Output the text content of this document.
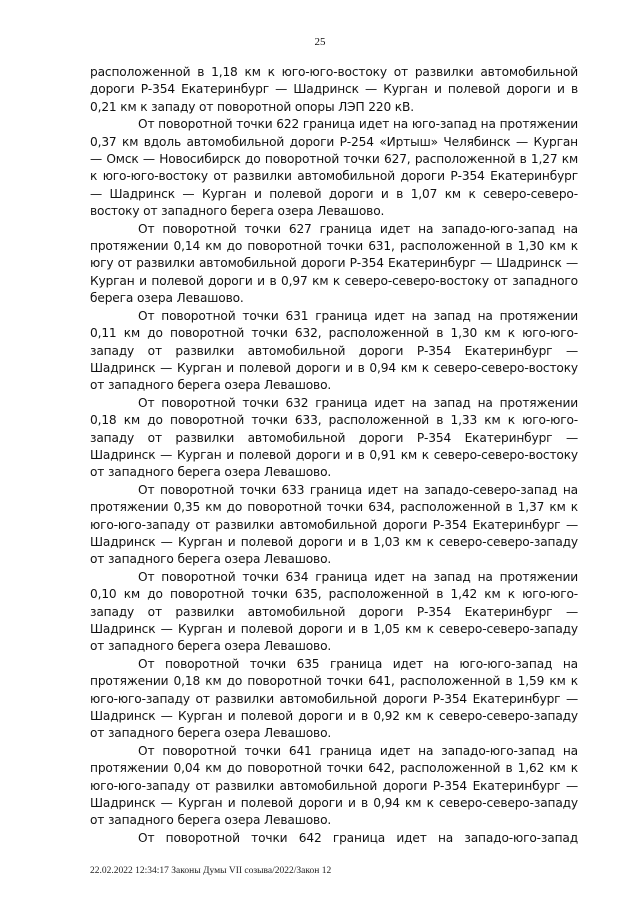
25

расположенной в 1,18 км к юго-юго-востоку от развилки автомобильной дороги Р-354 Екатеринбург — Шадринск — Курган и полевой дороги и в 0,21 км к западу от поворотной опоры ЛЭП 220 кВ.

От поворотной точки 622 граница идет на юго-запад на протяжении 0,37 км вдоль автомобильной дороги Р-254 «Иртыш» Челябинск — Курган — Омск — Новосибирск до поворотной точки 627, расположенной в 1,27 км к юго-юго-востоку от развилки автомобильной дороги Р-354 Екатеринбург — Шадринск — Курган и полевой дороги и в 1,07 км к северо-северо-востоку от западного берега озера Левашово.

От поворотной точки 627 граница идет на западо-юго-запад на протяжении 0,14 км до поворотной точки 631, расположенной в 1,30 км к югу от развилки автомобильной дороги Р-354 Екатеринбург — Шадринск — Курган и полевой дороги и в 0,97 км к северо-северо-востоку от западного берега озера Левашово.

От поворотной точки 631 граница идет на запад на протяжении 0,11 км до поворотной точки 632, расположенной в 1,30 км к юго-юго-западу от развилки автомобильной дороги Р-354 Екатеринбург — Шадринск — Курган и полевой дороги и в 0,94 км к северо-северо-востоку от западного берега озера Левашово.

От поворотной точки 632 граница идет на запад на протяжении 0,18 км до поворотной точки 633, расположенной в 1,33 км к юго-юго-западу от развилки автомобильной дороги Р-354 Екатеринбург — Шадринск — Курган и полевой дороги и в 0,91 км к северо-северо-востоку от западного берега озера Левашово.

От поворотной точки 633 граница идет на западо-северо-запад на протяжении 0,35 км до поворотной точки 634, расположенной в 1,37 км к юго-юго-западу от развилки автомобильной дороги Р-354 Екатеринбург — Шадринск — Курган и полевой дороги и в 1,03 км к северо-северо-западу от западного берега озера Левашово.

От поворотной точки 634 граница идет на запад на протяжении 0,10 км до поворотной точки 635, расположенной в 1,42 км к юго-юго-западу от развилки автомобильной дороги Р-354 Екатеринбург — Шадринск — Курган и полевой дороги и в 1,05 км к северо-северо-западу от западного берега озера Левашово.

От поворотной точки 635 граница идет на юго-юго-запад на протяжении 0,18 км до поворотной точки 641, расположенной в 1,59 км к юго-юго-западу от развилки автомобильной дороги Р-354 Екатеринбург — Шадринск — Курган и полевой дороги и в 0,92 км к северо-северо-западу от западного берега озера Левашово.

От поворотной точки 641 граница идет на западо-юго-запад на протяжении 0,04 км до поворотной точки 642, расположенной в 1,62 км к юго-юго-западу от развилки автомобильной дороги Р-354 Екатеринбург — Шадринск — Курган и полевой дороги и в 0,94 км к северо-северо-западу от западного берега озера Левашово.

От поворотной точки 642 граница идет на западо-юго-запад

22.02.2022 12:34:17 Законы Думы VII созыва/2022/Закон 12
